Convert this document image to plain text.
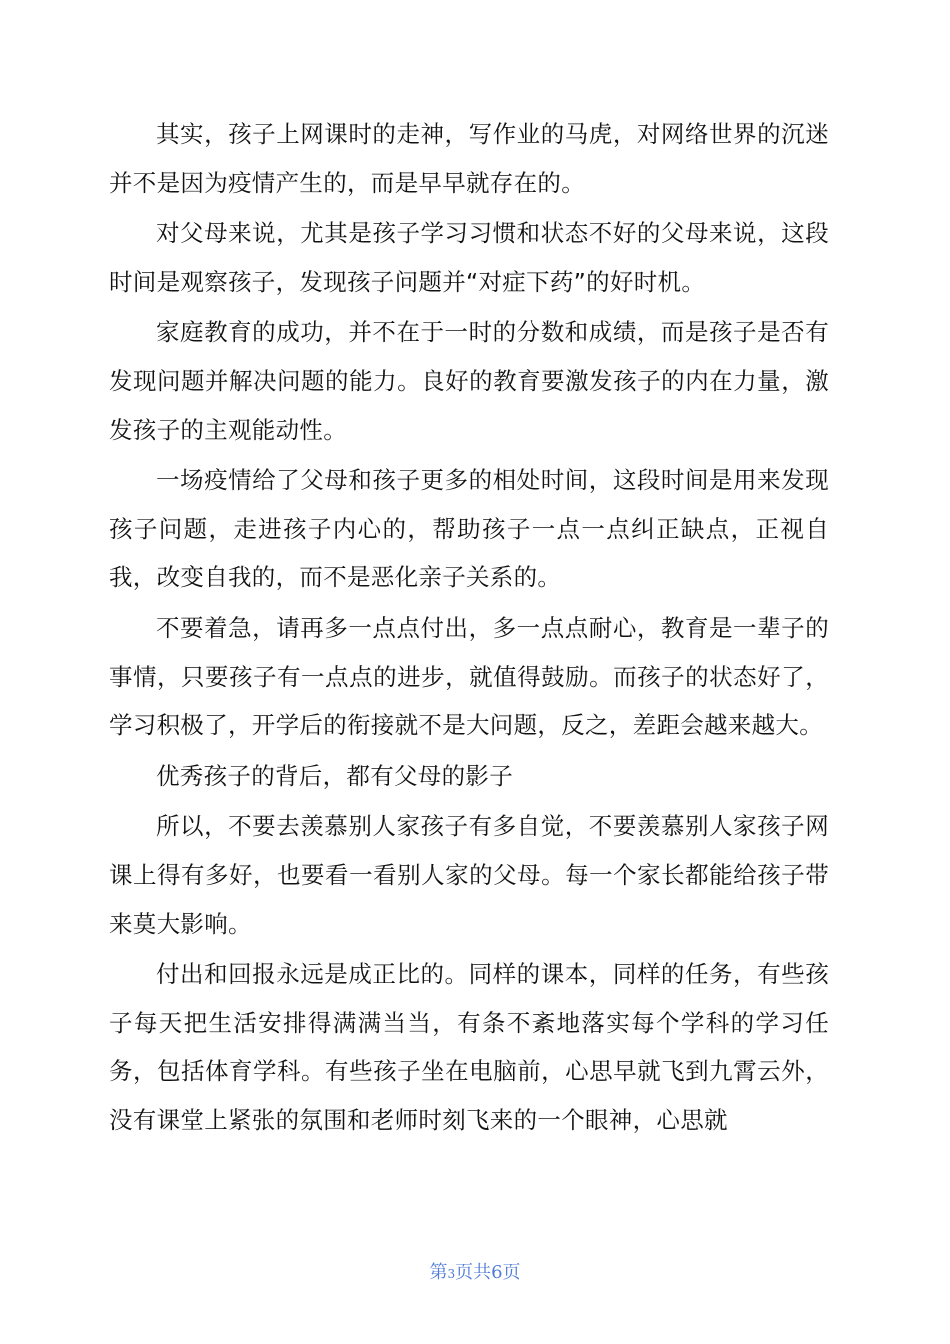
其实，孩子上网课时的走神，写作业的马虎，对网络世界的沉迷并不是因为疫情产生的，而是早早就存在的。

对父母来说，尤其是孩子学习习惯和状态不好的父母来说，这段时间是观察孩子，发现孩子问题并“对症下药”的好时机。

家庭教育的成功，并不在于一时的分数和成绩，而是孩子是否有发现问题并解决问题的能力。良好的教育要激发孩子的内在力量，激发孩子的主观能动性。

一场疫情给了父母和孩子更多的相处时间，这段时间是用来发现孩子问题，走进孩子内心的，帮助孩子一点一点纠正缺点，正视自我，改变自我的，而不是恶化亲子关系的。

不要着急，请再多一点点付出，多一点点耐心，教育是一辈子的事情，只要孩子有一点点的进步，就值得鼓励。而孩子的状态好了，学习积极了，开学后的衔接就不是大问题，反之，差距会越来越大。

优秀孩子的背后，都有父母的影子

所以，不要去羡慕别人家孩子有多自觉，不要羡慕别人家孩子网课上得有多好，也要看一看别人家的父母。每一个家长都能给孩子带来莫大影响。

付出和回报永远是成正比的。同样的课本，同样的任务，有些孩子每天把生活安排得满满当当，有条不紊地落实每个学科的学习任务，包括体育学科。有些孩子坐在电脑前，心思早就飞到九霄云外，没有课堂上紧张的氛围和老师时刻飞来的一个眼神，心思就

第3页共6页
